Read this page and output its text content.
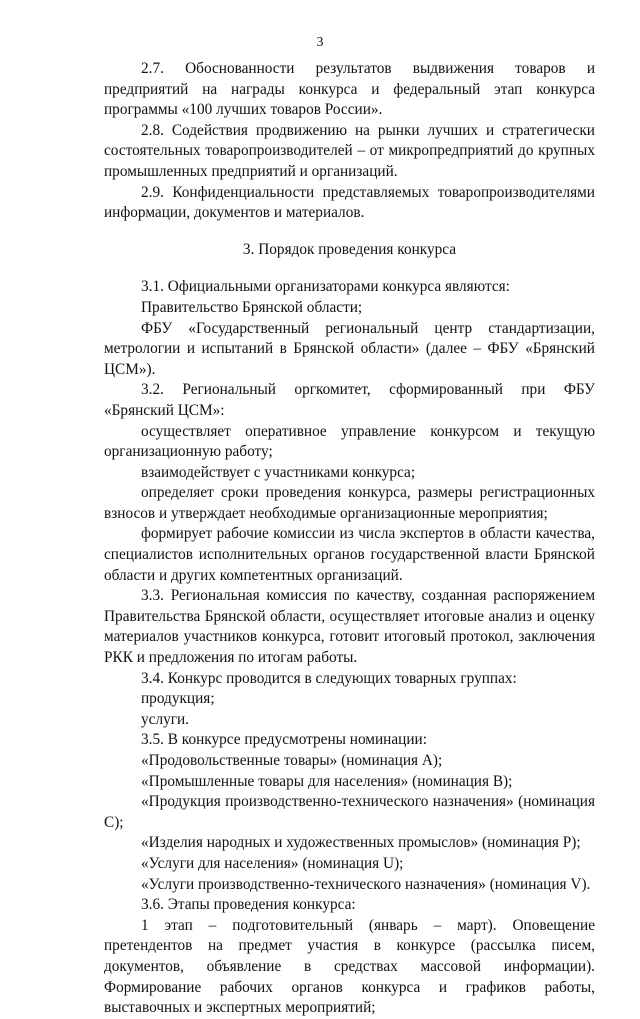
3

2.7. Обоснованности результатов выдвижения товаров и предприятий на награды конкурса и федеральный этап конкурса программы «100 лучших товаров России».

2.8. Содействия продвижению на рынки лучших и стратегически состоятельных товаропроизводителей – от микропредприятий до крупных промышленных предприятий и организаций.

2.9. Конфиденциальности представляемых товаропроизводителями информации, документов и материалов.

3. Порядок проведения конкурса

3.1. Официальными организаторами конкурса являются:

Правительство Брянской области;

ФБУ «Государственный региональный центр стандартизации, метрологии и испытаний в Брянской области» (далее – ФБУ «Брянский ЦСМ»).

3.2. Региональный оргкомитет, сформированный при ФБУ «Брянский ЦСМ»:

осуществляет оперативное управление конкурсом и текущую организационную работу;

взаимодействует с участниками конкурса;

определяет сроки проведения конкурса, размеры регистрационных взносов и утверждает необходимые организационные мероприятия;

формирует рабочие комиссии из числа экспертов в области качества, специалистов исполнительных органов государственной власти Брянской области и других компетентных организаций.

3.3. Региональная комиссия по качеству, созданная распоряжением Правительства Брянской области, осуществляет итоговые анализ и оценку материалов участников конкурса, готовит итоговый протокол, заключения РКК и предложения по итогам работы.

3.4. Конкурс проводится в следующих товарных группах:

продукция;

услуги.

3.5. В конкурсе предусмотрены номинации:

«Продовольственные товары» (номинация А);

«Промышленные товары для населения» (номинация В);

«Продукция производственно-технического назначения» (номинация С);

«Изделия народных и художественных промыслов» (номинация Р);

«Услуги для населения» (номинация U);

«Услуги производственно-технического назначения» (номинация V).

3.6. Этапы проведения конкурса:

1 этап – подготовительный (январь – март). Оповещение претендентов на предмет участия в конкурсе (рассылка писем, документов, объявление в средствах массовой информации). Формирование рабочих органов конкурса и графиков работы, выставочных и экспертных мероприятий;
